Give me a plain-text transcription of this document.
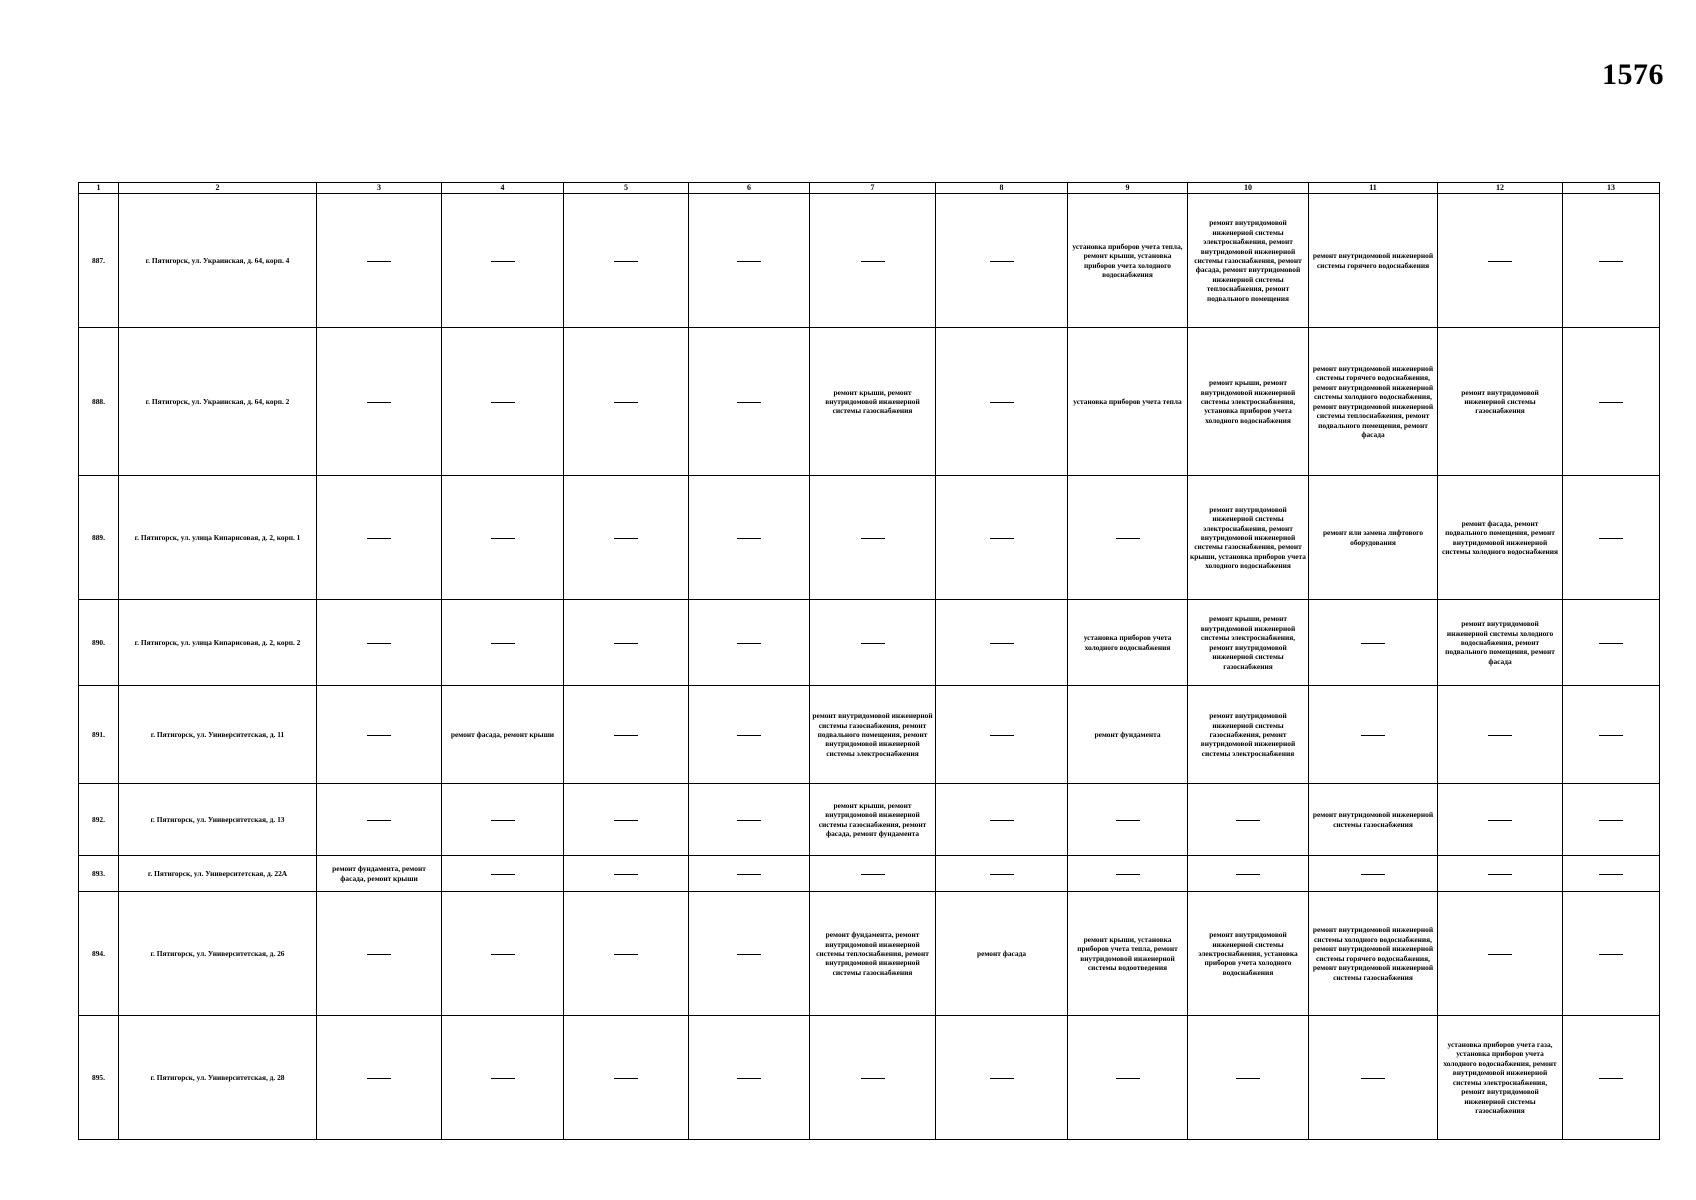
1576
1	2	3	4	5	6	7	8	9	10	11	12	13
887.	г. Пятигорск, ул. Украинская, д. 64, корп. 4							установка приборов учета тепла, ремонт крыши, установка приборов учета холодного водоснабжения	ремонт внутридомовой инженерной системы электроснабжения, ремонт внутридомовой инженерной системы газоснабжения, ремонт фасада, ремонт внутридомовой инженерной системы теплоснабжения, ремонт подвального помещения	ремонт внутридомовой инженерной системы горячего водоснабжения		
888.	г. Пятигорск, ул. Украинская, д. 64, корп. 2					ремонт крыши, ремонт внутридомовой инженерной системы газоснабжения		установка приборов учета тепла	ремонт крыши, ремонт внутридомовой инженерной системы электроснабжения, установка приборов учета холодного водоснабжения	ремонт внутридомовой инженерной системы горячего водоснабжения, ремонт внутридомовой инженерной системы холодного водоснабжения, ремонт внутридомовой инженерной системы теплоснабжения, ремонт подвального помещения, ремонт фасада	ремонт внутридомовой инженерной системы газоснабжения	
889.	г. Пятигорск, ул. улица Кипарисовая, д. 2, корп. 1								ремонт внутридомовой инженерной системы электроснабжения, ремонт внутридомовой инженерной системы газоснабжения, ремонт крыши, установка приборов учета холодного водоснабжения	ремонт или замена лифтового оборудования	ремонт фасада, ремонт подвального помещения, ремонт внутридомовой инженерной системы холодного водоснабжения	
890.	г. Пятигорск, ул. улица Кипарисовая, д. 2, корп. 2							установка приборов учета холодного водоснабжения	ремонт крыши, ремонт внутридомовой инженерной системы электроснабжения, ремонт внутридомовой инженерной системы газоснабжения		ремонт внутридомовой инженерной системы холодного водоснабжения, ремонт подвального помещения, ремонт фасада	
891.	г. Пятигорск, ул. Университетская, д. 11		ремонт фасада, ремонт крыши			ремонт внутридомовой инженерной системы газоснабжения, ремонт подвального помещения, ремонт внутридомовой инженерной системы электроснабжения		ремонт фундамента	ремонт внутридомовой инженерной системы газоснабжения, ремонт внутридомовой инженерной системы электроснабжения			
892.	г. Пятигорск, ул. Университетская, д. 13					ремонт крыши, ремонт внутридомовой инженерной системы газоснабжения, ремонт фасада, ремонт фундамента				ремонт внутридомовой инженерной системы газоснабжения		
893.	г. Пятигорск, ул. Университетская, д. 22А	ремонт фундамента, ремонт фасада, ремонт крыши										
894.	г. Пятигорск, ул. Университетская, д. 26					ремонт фундамента, ремонт внутридомовой инженерной системы теплоснабжения, ремонт внутридомовой инженерной системы газоснабжения	ремонт фасада	ремонт крыши, установка приборов учета тепла, ремонт внутридомовой инженерной системы водоотведения	ремонт внутридомовой инженерной системы электроснабжения, установка приборов учета холодного водоснабжения	ремонт внутридомовой инженерной системы холодного водоснабжения, ремонт внутридомовой инженерной системы горячего водоснабжения, ремонт внутридомовой инженерной системы газоснабжения		
895.	г. Пятигорск, ул. Университетская, д. 28										установка приборов учета газа, установка приборов учета холодного водоснабжения, ремонт внутридомовой инженерной системы электроснабжения, ремонт внутридомовой инженерной системы газоснабжения	
